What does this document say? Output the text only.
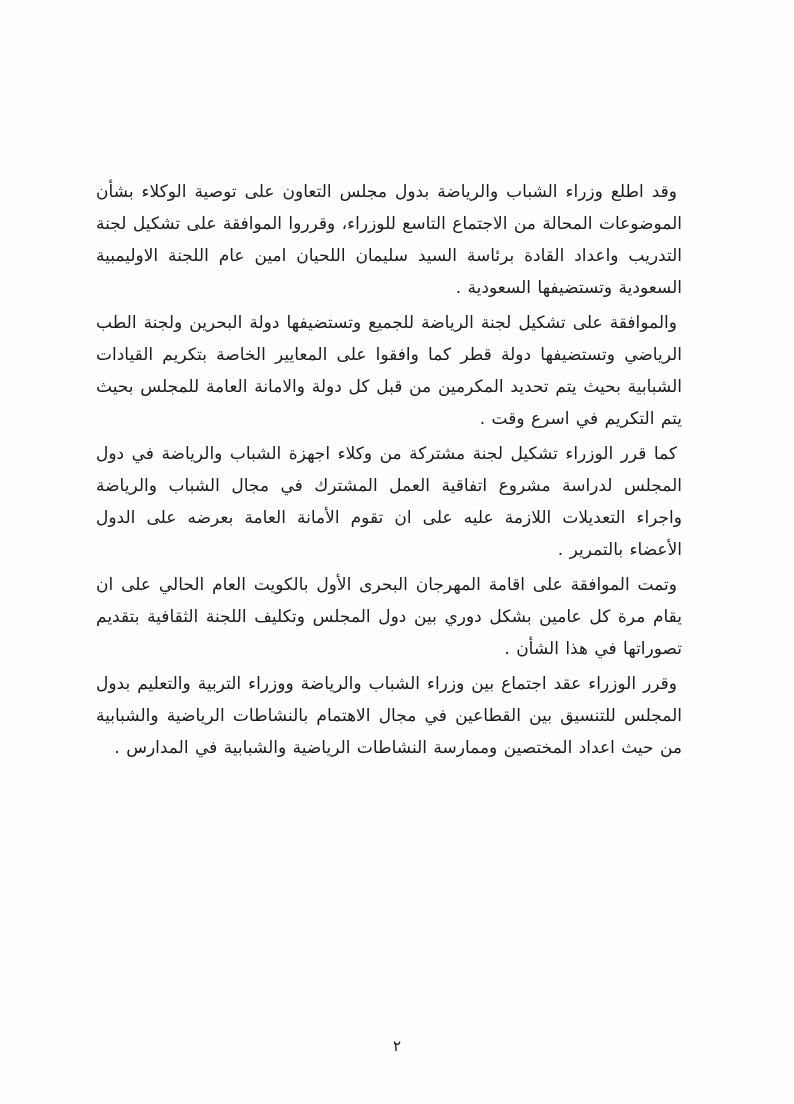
وقد اطلع وزراء الشباب والرياضة بدول مجلس التعاون على توصية الوكلاء بشأن الموضوعات المحالة من الاجتماع التاسع للوزراء، وقرروا الموافقة على تشكيل لجنة التدريب واعداد القادة برئاسة السيد سليمان اللحيان امين عام اللجنة الاوليمبية السعودية وتستضيفها السعودية .

والموافقة على تشكيل لجنة الرياضة للجميع وتستضيفها دولة البحرين ولجنة الطب الرياضي وتستضيفها دولة قطر كما وافقوا على المعايير الخاصة بتكريم القيادات الشبابية بحيث يتم تحديد المكرمين من قبل كل دولة والامانة العامة للمجلس بحيث يتم التكريم في اسرع وقت .

كما قرر الوزراء تشكيل لجنة مشتركة من وكلاء اجهزة الشباب والرياضة في دول المجلس لدراسة مشروع اتفاقية العمل المشترك في مجال الشباب والرياضة واجراء التعديلات اللازمة عليه على ان تقوم الأمانة العامة بعرضه على الدول الأعضاء بالتمرير .

وتمت الموافقة على اقامة المهرجان البحرى الأول بالكويت العام الحالي على ان يقام مرة كل عامين بشكل دوري بين دول المجلس وتكليف اللجنة الثقافية بتقديم تصوراتها في هذا الشأن .

وقرر الوزراء عقد اجتماع بين وزراء الشباب والرياضة ووزراء التربية والتعليم بدول المجلس للتنسيق بين القطاعين في مجال الاهتمام بالنشاطات الرياضية والشبابية من حيث اعداد المختصين وممارسة النشاطات الرياضية والشبابية في المدارس .

٢
